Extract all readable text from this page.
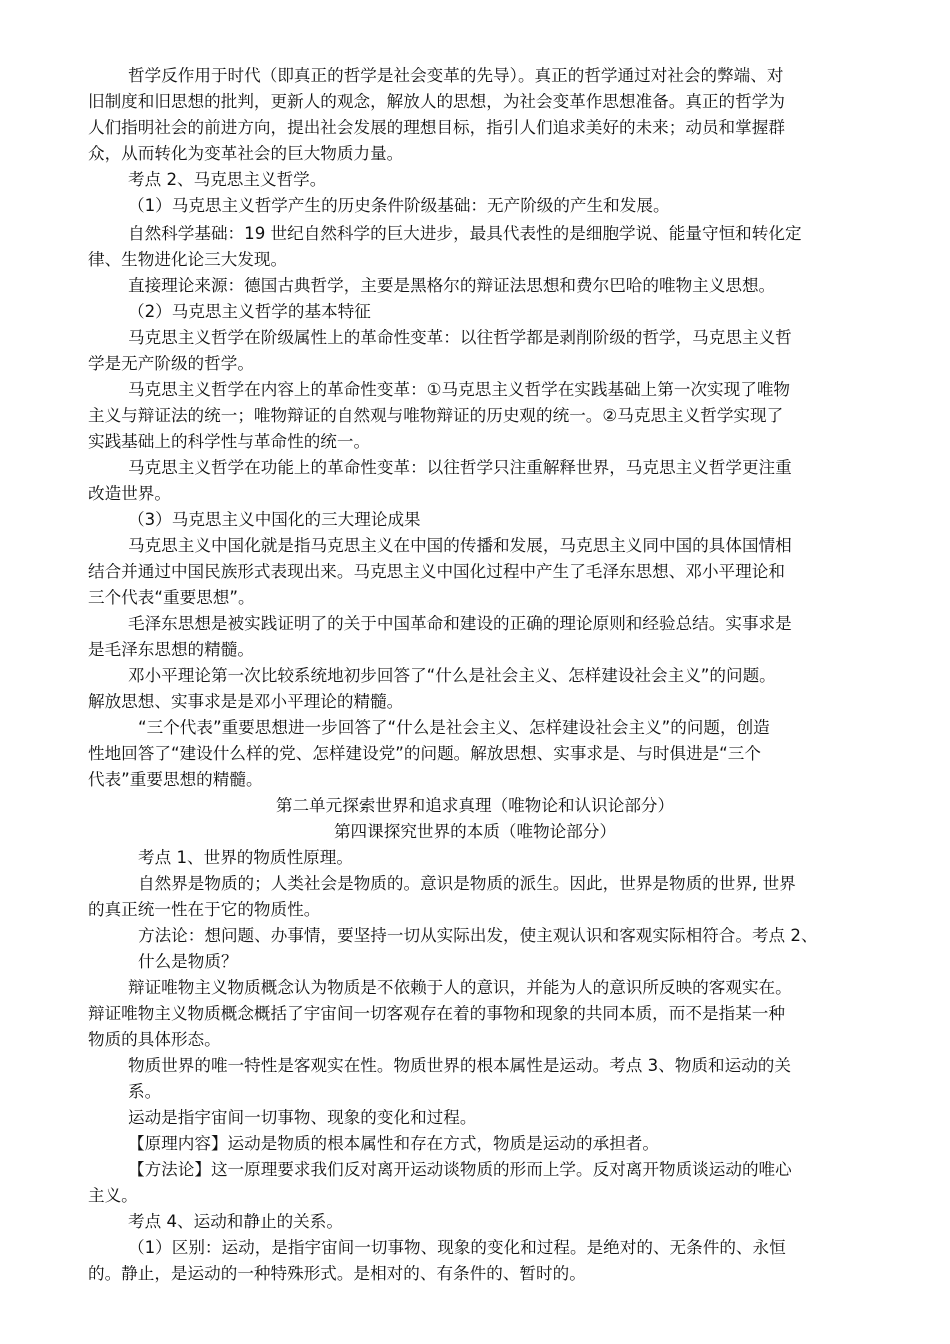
哲学反作用于时代（即真正的哲学是社会变革的先导）。真正的哲学通过对社会的弊端、对

旧制度和旧思想的批判，更新人的观念，解放人的思想，为社会变革作思想准备。真正的哲学为

人们指明社会的前进方向，提出社会发展的理想目标，指引人们追求美好的未来；动员和掌握群

众，从而转化为变革社会的巨大物质力量。

考点 2、马克思主义哲学。

（1）马克思主义哲学产生的历史条件阶级基础：无产阶级的产生和发展。

自然科学基础：19 世纪自然科学的巨大进步，最具代表性的是细胞学说、能量守恒和转化定

律、生物进化论三大发现。

直接理论来源：德国古典哲学，主要是黑格尔的辩证法思想和费尔巴哈的唯物主义思想。

（2）马克思主义哲学的基本特征

马克思主义哲学在阶级属性上的革命性变革：以往哲学都是剥削阶级的哲学，马克思主义哲

学是无产阶级的哲学。

马克思主义哲学在内容上的革命性变革：①马克思主义哲学在实践基础上第一次实现了唯物

主义与辩证法的统一；唯物辩证的自然观与唯物辩证的历史观的统一。②马克思主义哲学实现了

实践基础上的科学性与革命性的统一。

马克思主义哲学在功能上的革命性变革：以往哲学只注重解释世界，马克思主义哲学更注重

改造世界。

（3）马克思主义中国化的三大理论成果

马克思主义中国化就是指马克思主义在中国的传播和发展，马克思主义同中国的具体国情相

结合并通过中国民族形式表现出来。马克思主义中国化过程中产生了毛泽东思想、邓小平理论和

三个代表“重要思想”。

毛泽东思想是被实践证明了的关于中国革命和建设的正确的理论原则和经验总结。实事求是

是毛泽东思想的精髓。

邓小平理论第一次比较系统地初步回答了“什么是社会主义、怎样建设社会主义”的问题。

解放思想、实事求是是邓小平理论的精髓。

“三个代表”重要思想进一步回答了“什么是社会主义、怎样建设社会主义”的问题，创造

性地回答了“建设什么样的党、怎样建设党”的问题。解放思想、实事求是、与时俱进是“三个

代表”重要思想的精髓。

第二单元探索世界和追求真理（唯物论和认识论部分）

第四课探究世界的本质（唯物论部分）

考点 1、世界的物质性原理。

自然界是物质的；人类社会是物质的。意识是物质的派生。因此，世界是物质的世界, 世界

的真正统一性在于它的物质性。

方法论：想问题、办事情，要坚持一切从实际出发，使主观认识和客观实际相符合。考点 2、

什么是物质？

辩证唯物主义物质概念认为物质是不依赖于人的意识，并能为人的意识所反映的客观实在。

辩证唯物主义物质概念概括了宇宙间一切客观存在着的事物和现象的共同本质，而不是指某一种

物质的具体形态。

物质世界的唯一特性是客观实在性。物质世界的根本属性是运动。考点 3、物质和运动的关

系。

运动是指宇宙间一切事物、现象的变化和过程。

【原理内容】运动是物质的根本属性和存在方式，物质是运动的承担者。

【方法论】这一原理要求我们反对离开运动谈物质的形而上学。反对离开物质谈运动的唯心

主义。

考点 4、运动和静止的关系。

（1）区别：运动，是指宇宙间一切事物、现象的变化和过程。是绝对的、无条件的、永恒

的。静止，是运动的一种特殊形式。是相对的、有条件的、暂时的。
